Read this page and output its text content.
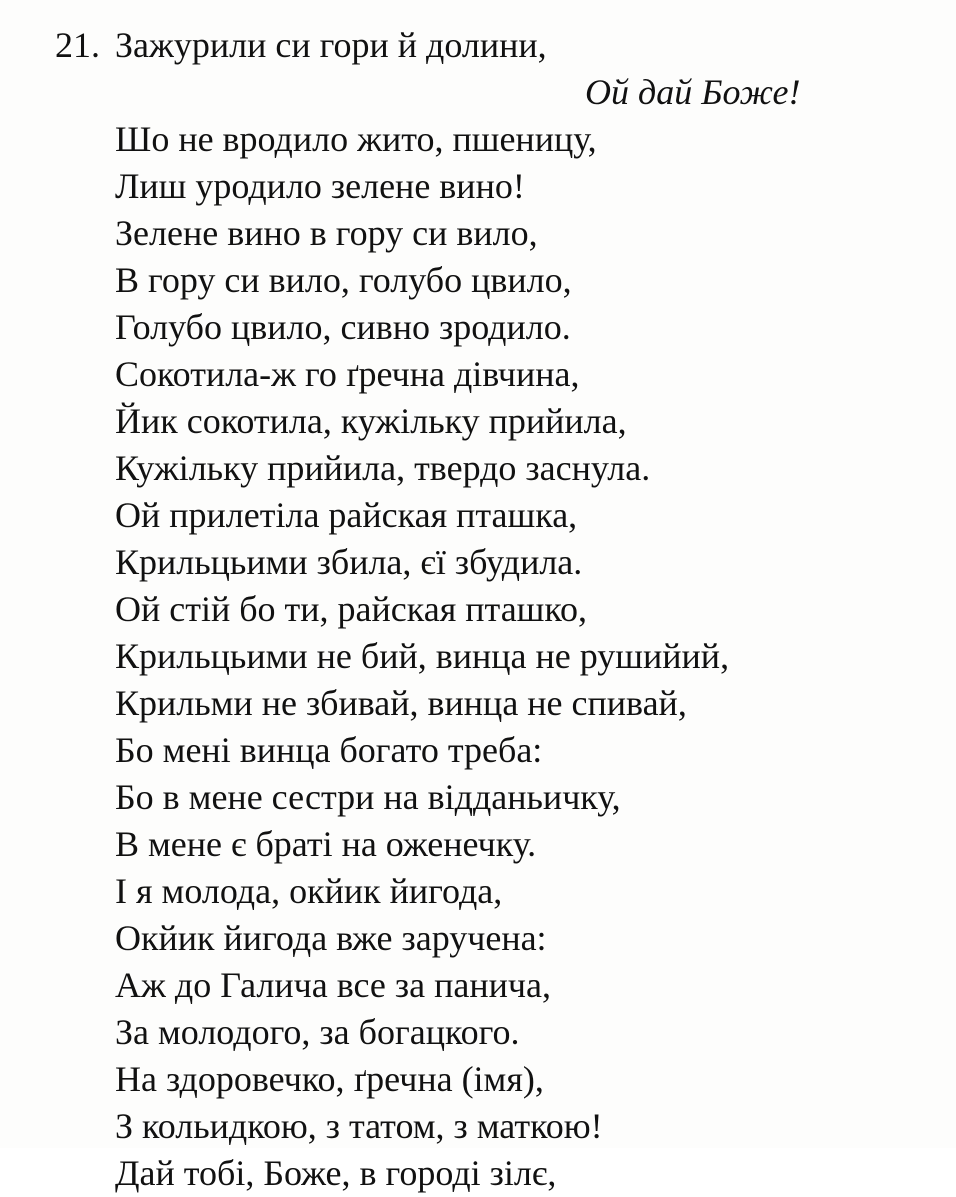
21. Зажурили си гори й долини,
Ой дай Боже!
Шо не вродило жито, пшеницу,
Лиш уродило зелене вино!
Зелене вино в гору си вило,
В гору си вило, голубо цвило,
Голубо цвило, сивно зродило.
Сокотила-ж го ґречна дівчина,
Йик сокотила, кужільку прийила,
Кужільку прийила, твердо заснула.
Ой прилетіла райская пташка,
Крильцьими збила, єї збудила.
Ой стій бо ти, райская пташко,
Крильцьими не бий, винца не рушийий,
Крильми не збивай, винца не спивай,
Бо мені винца богато треба:
Бо в мене сестри на відданьичку,
В мене є браті на оженечку.
І я молода, окйик йигода,
Окйик йигода вже заручена:
Аж до Галича все за панича,
За молодого, за богацкого.
На здоровечко, ґречна (імя),
З кольидкою, з татом, з маткою!
Дай тобі, Боже, в городі зілє,
